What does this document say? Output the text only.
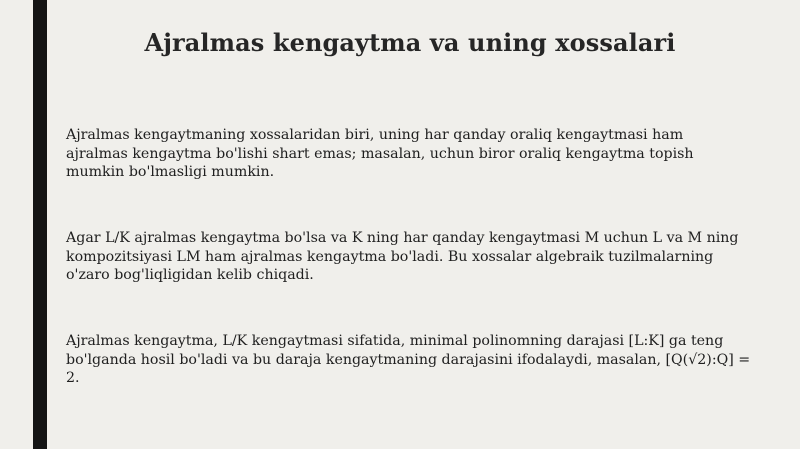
Ajralmas kengaytma va uning xossalari

Ajralmas kengaytmaning xossalaridan biri, uning har qanday oraliq kengaytmasi ham
ajralmas kengaytma bo'lishi shart emas; masalan, uchun biror oraliq kengaytma topish
mumkin bo'lmasligi mumkin.

Agar L/K ajralmas kengaytma bo'lsa va K ning har qanday kengaytmasi M uchun L va M ning
kompozitsiyasi LM ham ajralmas kengaytma bo'ladi. Bu xossalar algebraik tuzilmalarning
o'zaro bog'liqligidan kelib chiqadi.

Ajralmas kengaytma, L/K kengaytmasi sifatida, minimal polinomning darajasi [L:K] ga teng
bo'lganda hosil bo'ladi va bu daraja kengaytmaning darajasini ifodalaydi, masalan, [Q(√2):Q] = 2.
